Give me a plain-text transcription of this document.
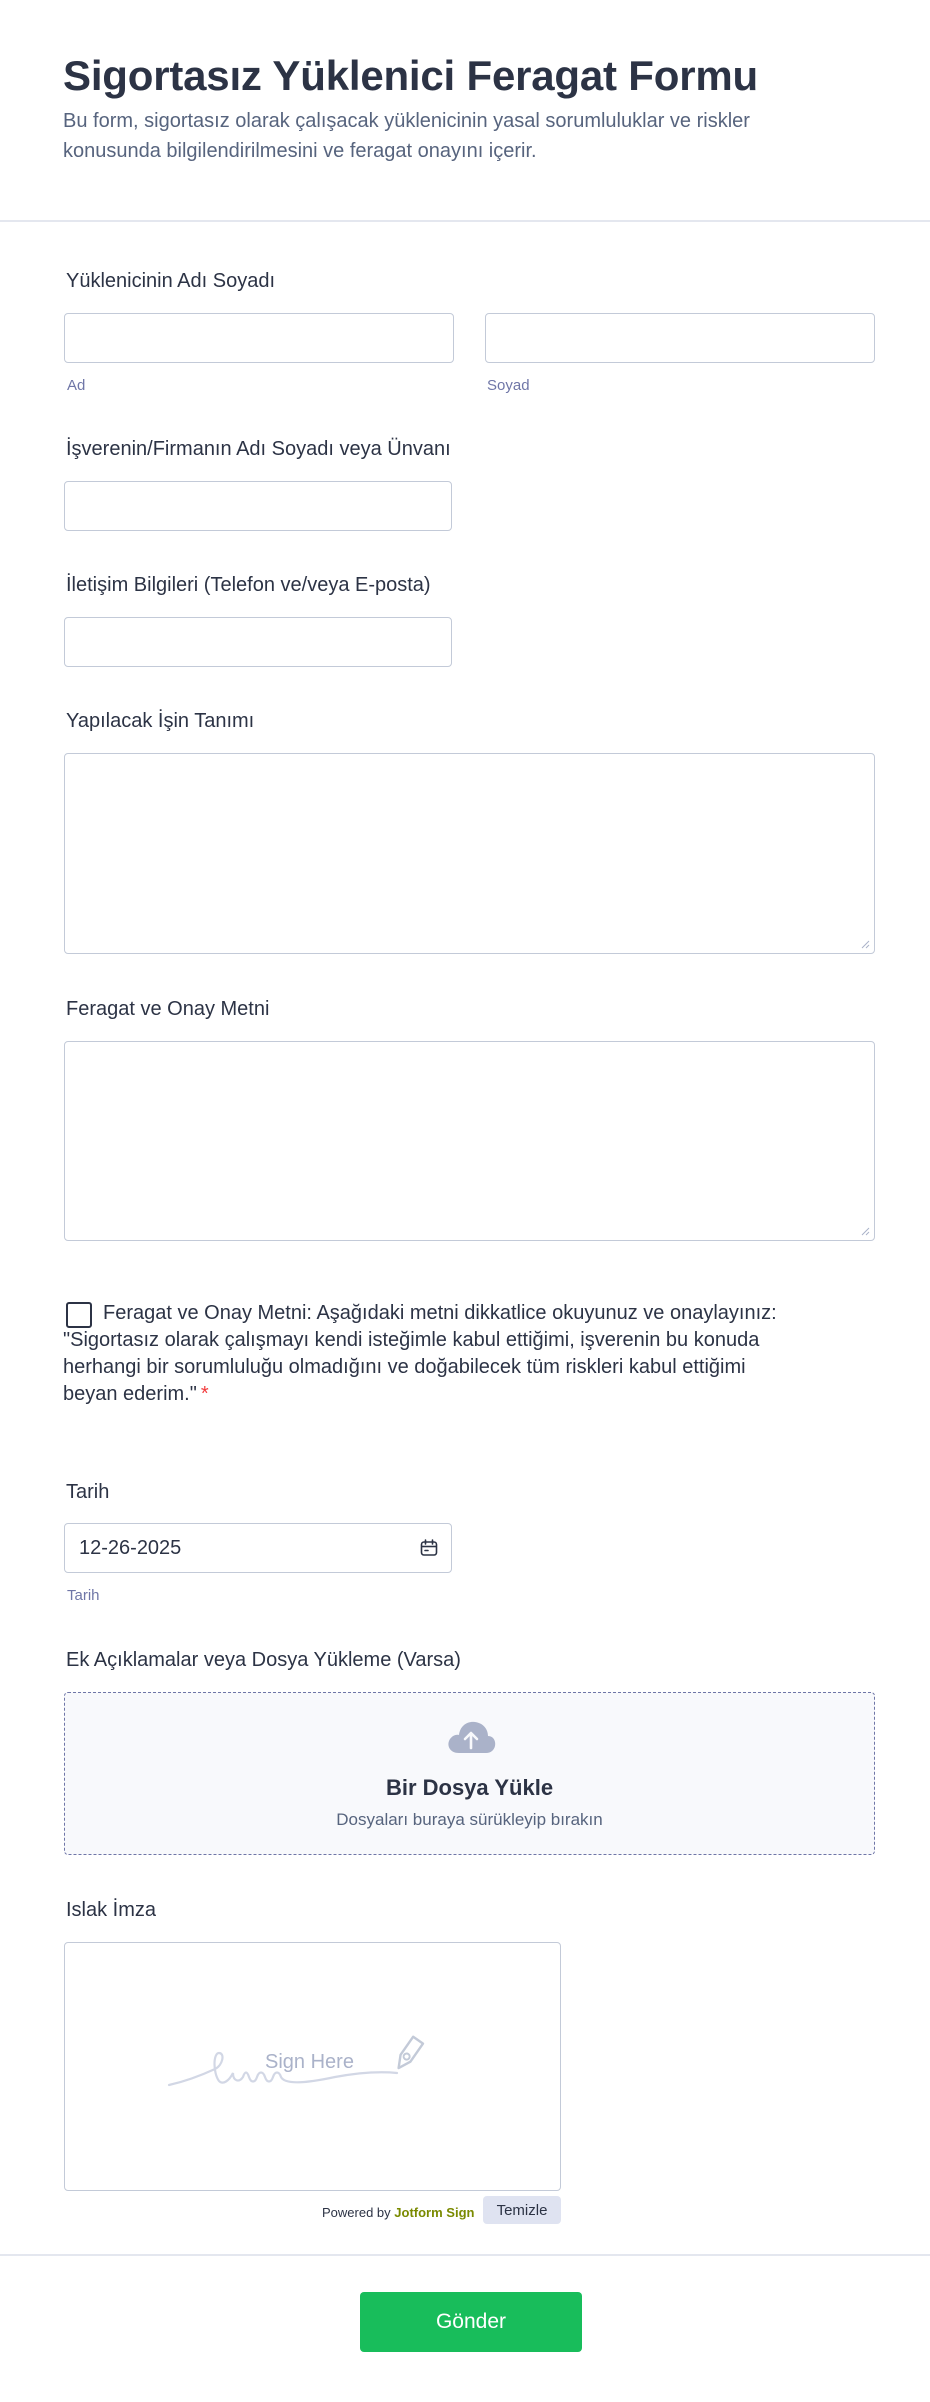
Sigortasız Yüklenici Feragat Formu

Bu form, sigortasız olarak çalışacak yüklenicinin yasal sorumluluklar ve riskler konusunda bilgilendirilmesini ve feragat onayını içerir.

Yüklenicinin Adı Soyadı
Ad	Soyad
İşverenin/Firmanın Adı Soyadı veya Ünvanı
İletişim Bilgileri (Telefon ve/veya E-posta)
Yapılacak İşin Tanımı
Feragat ve Onay Metni
Feragat ve Onay Metni: Aşağıdaki metni dikkatlice okuyunuz ve onaylayınız: "Sigortasız olarak çalışmayı kendi isteğimle kabul ettiğimi, işverenin bu konuda herhangi bir sorumluluğu olmadığını ve doğabilecek tüm riskleri kabul ettiğimi beyan ederim." *
Tarih
12-26-2025
Tarih
Ek Açıklamalar veya Dosya Yükleme (Varsa)
Bir Dosya Yükle
Dosyaları buraya sürükleyip bırakın
Islak İmza
Sign Here
Powered by Jotform Sign	Temizle
Gönder
